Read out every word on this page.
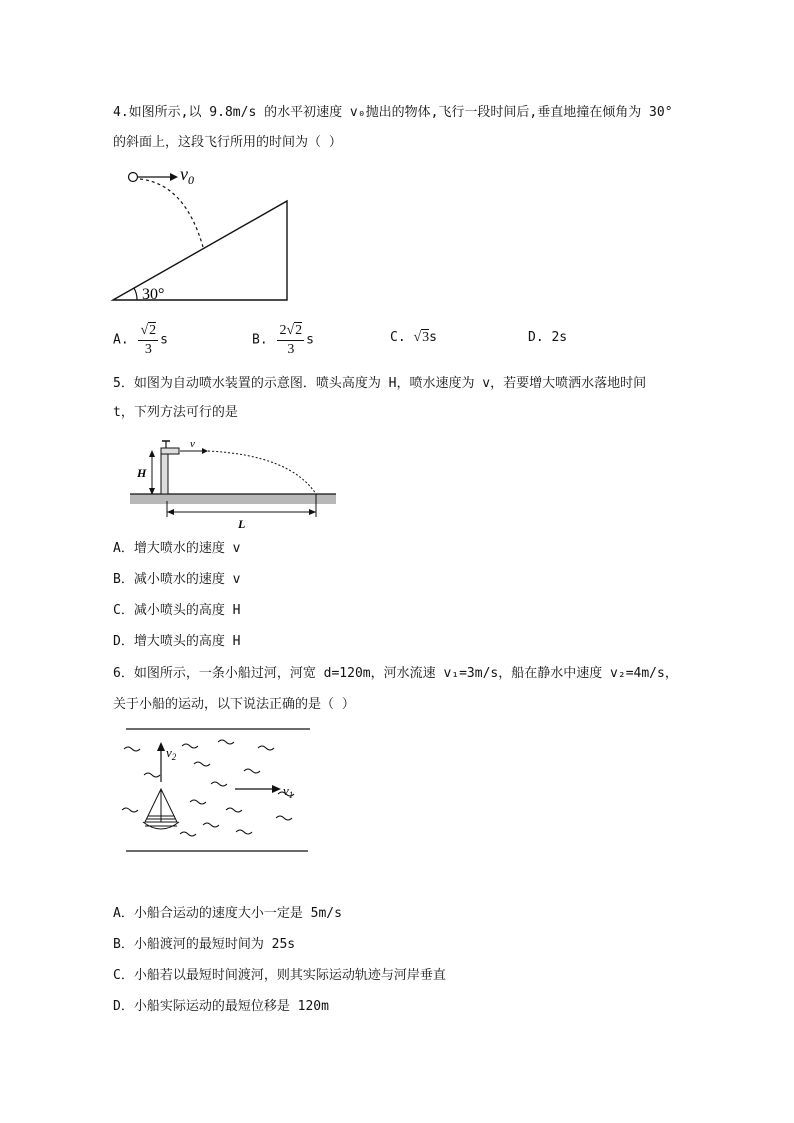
4.如图所示,以 9.8m/s 的水平初速度 v₀抛出的物体,飞行一段时间后,垂直地撞在倾角为 30°
的斜面上，这段飞行所用的时间为（ ）
$v_0$
30°
A. $\frac{√2}{3}$ s	B. $\frac{2√2}{3}$ s	C. √3s	D. 2s
5．如图为自动喷水装置的示意图．喷头高度为 H，喷水速度为 v，若要增大喷洒水落地时间
t，下列方法可行的是
v
H
L
A．增大喷水的速度 v
B．减小喷水的速度 v
C．减小喷头的高度 H
D．增大喷头的高度 H
6．如图所示，一条小船过河，河宽 d=120m，河水流速 v₁=3m/s，船在静水中速度 v₂=4m/s，
关于小船的运动，以下说法正确的是（ ）
$v_2$
$v_1$
A．小船合运动的速度大小一定是 5m/s
B．小船渡河的最短时间为 25s
C．小船若以最短时间渡河，则其实际运动轨迹与河岸垂直
D．小船实际运动的最短位移是 120m
